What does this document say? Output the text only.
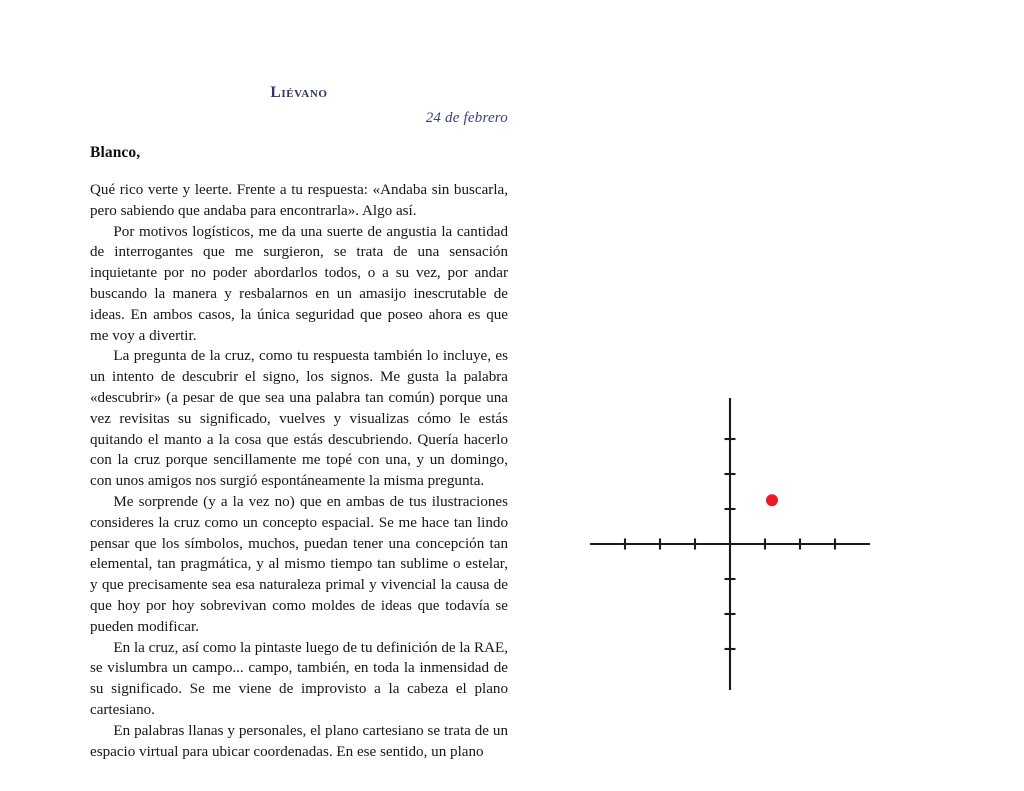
Liévano
24 de febrero
Blanco,

Qué rico verte y leerte. Frente a tu respuesta: «Andaba sin buscarla, pero sabiendo que andaba para encontrarla». Algo así.

Por motivos logísticos, me da una suerte de angustia la cantidad de interrogantes que me surgieron, se trata de una sensación inquietante por no poder abordarlos todos, o a su vez, por andar buscando la manera y resbalarnos en un amasijo inescrutable de ideas. En ambos casos, la única seguridad que poseo ahora es que me voy a divertir.

La pregunta de la cruz, como tu respuesta también lo incluye, es un intento de descubrir el signo, los signos. Me gusta la palabra «descubrir» (a pesar de que sea una palabra tan común) porque una vez revisitas su significado, vuelves y visualizas cómo le estás quitando el manto a la cosa que estás descubriendo. Quería hacerlo con la cruz porque sencillamente me topé con una, y un domingo, con unos amigos nos surgió espontáneamente la misma pregunta.

Me sorprende (y a la vez no) que en ambas de tus ilustraciones consideres la cruz como un concepto espacial. Se me hace tan lindo pensar que los símbolos, muchos, puedan tener una concepción tan elemental, tan pragmática, y al mismo tiempo tan sublime o estelar, y que precisamente sea esa naturaleza primal y vivencial la causa de que hoy por hoy sobrevivan como moldes de ideas que todavía se pueden modificar.

En la cruz, así como la pintaste luego de tu definición de la RAE, se vislumbra un campo... campo, también, en toda la inmensidad de su significado. Se me viene de improvisto a la cabeza el plano cartesiano.

En palabras llanas y personales, el plano cartesiano se trata de un espacio virtual para ubicar coordenadas. En ese sentido, un plano
